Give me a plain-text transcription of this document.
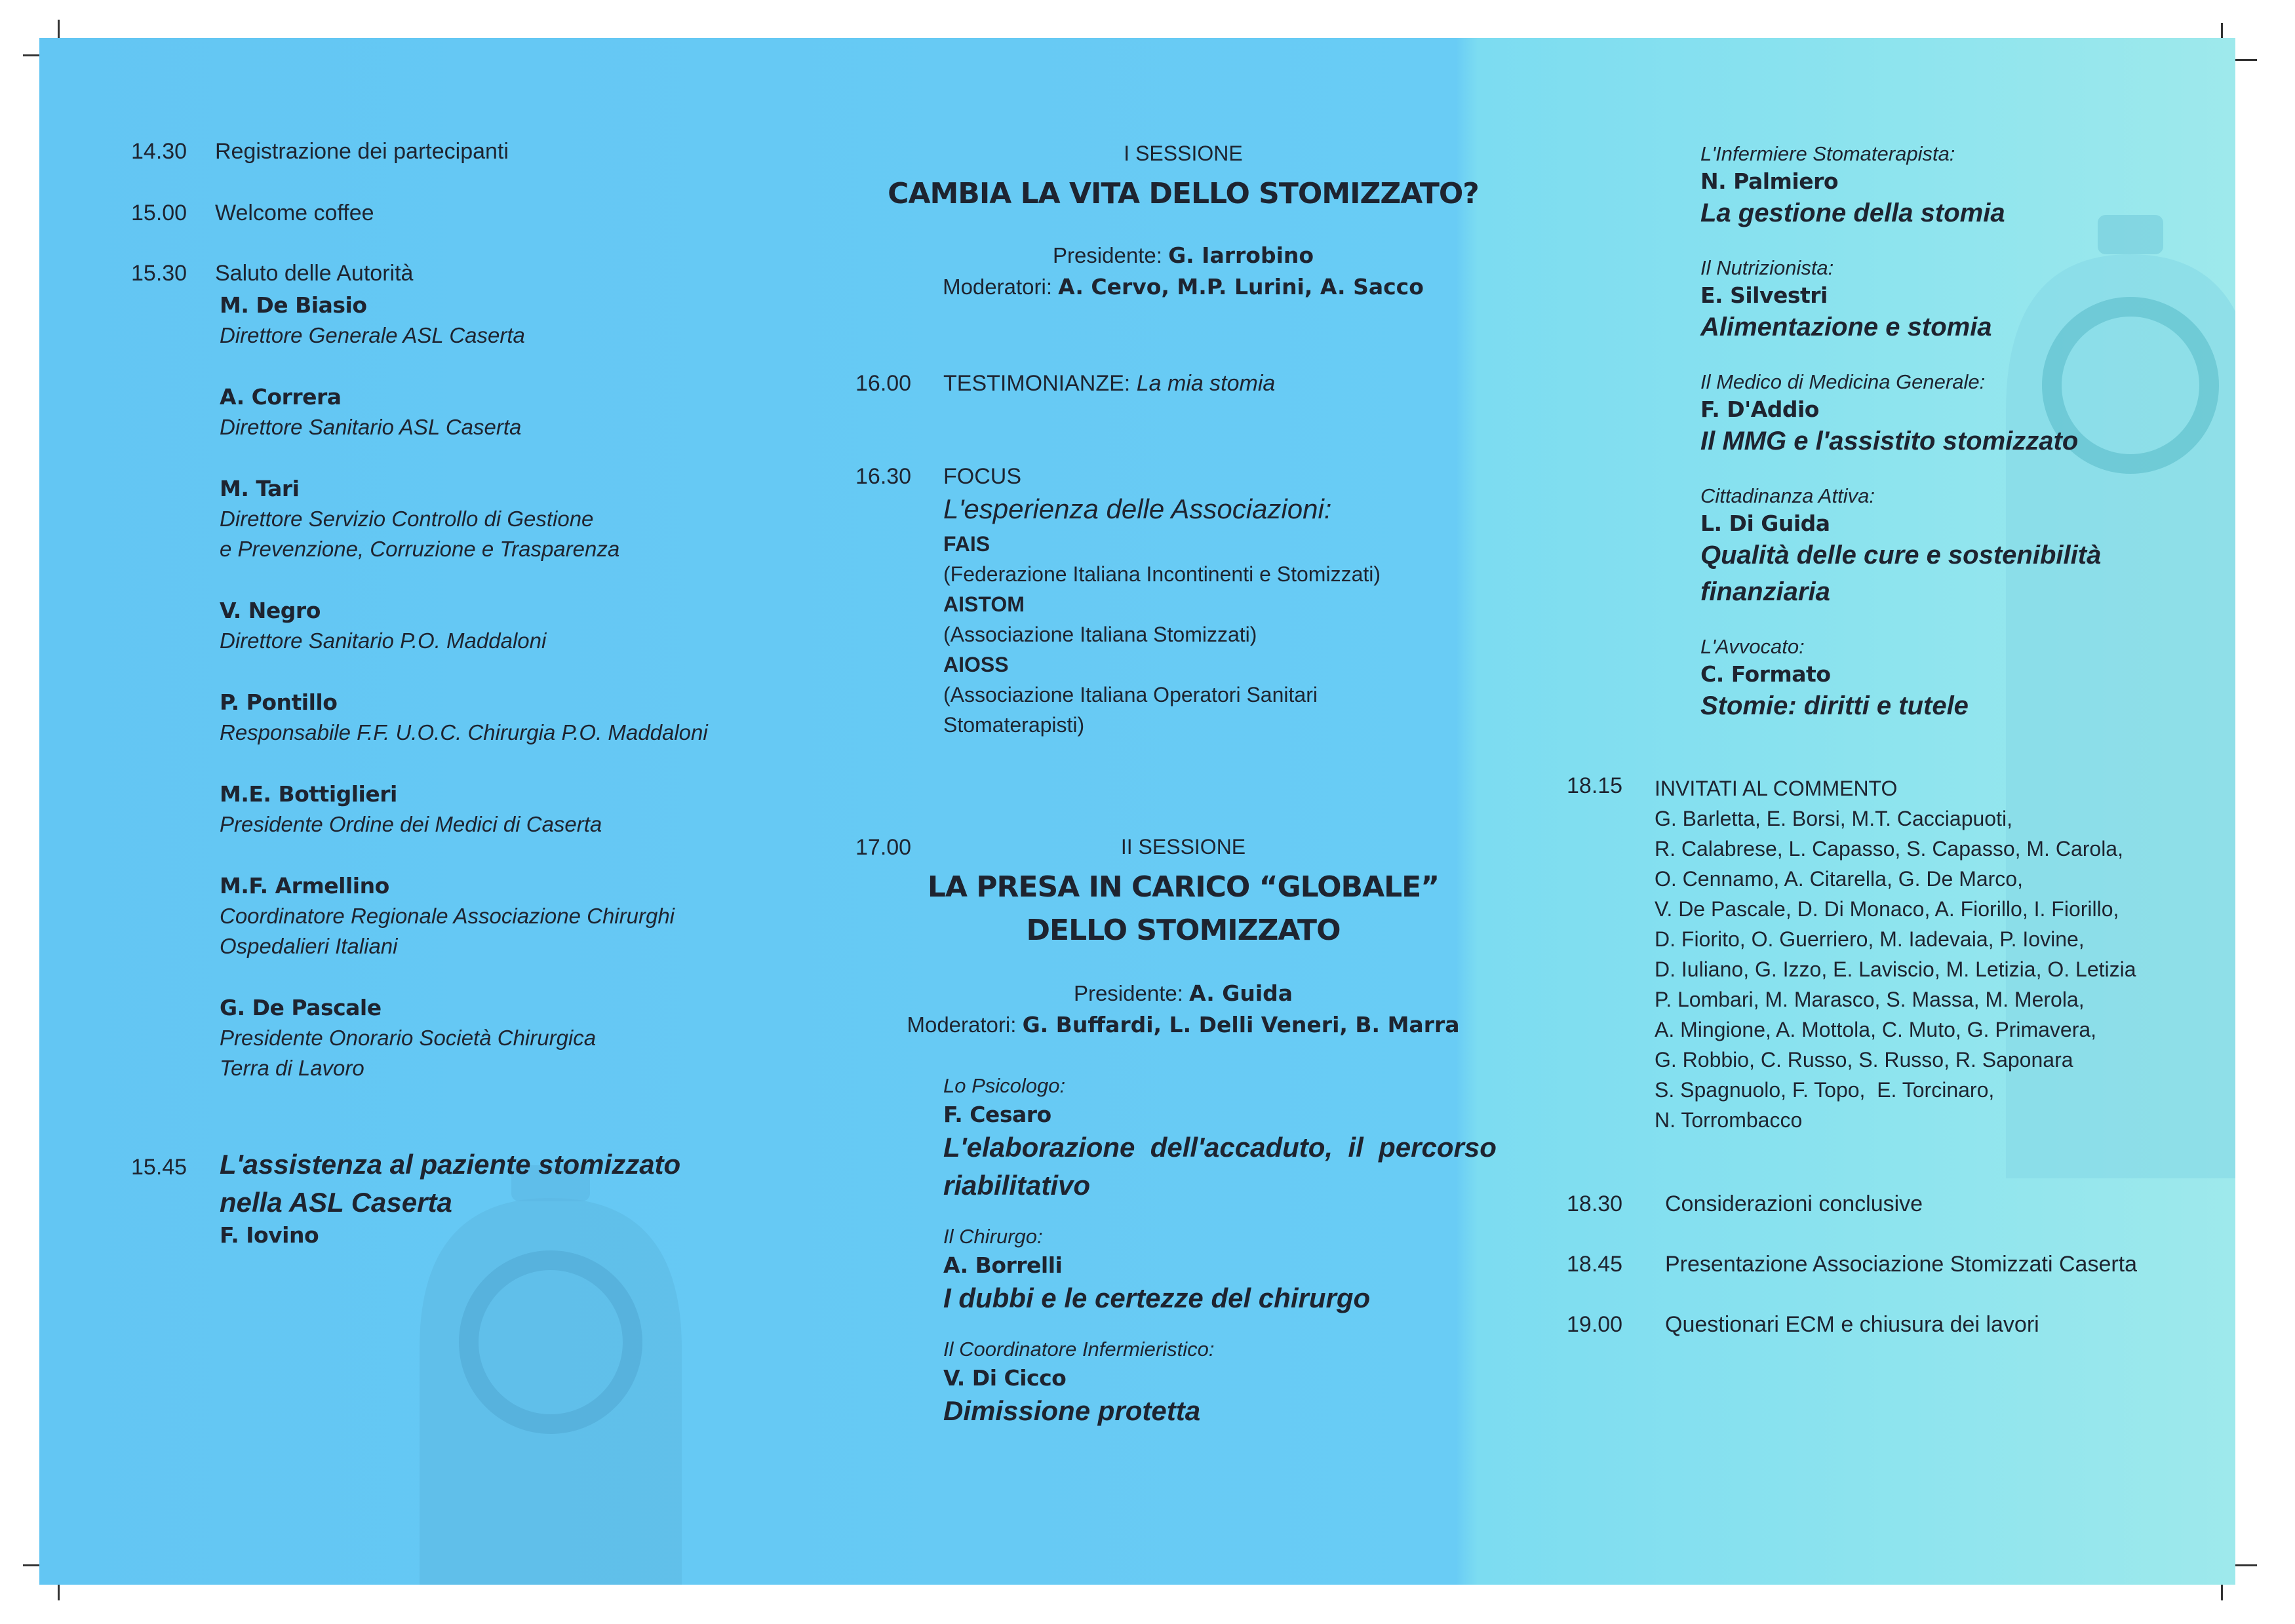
14.30 Registrazione dei partecipanti
15.00 Welcome coffee
15.30 Saluto delle Autorità
M. De Biasio
Direttore Generale ASL Caserta
A. Correra
Direttore Sanitario ASL Caserta
M. Tari
Direttore Servizio Controllo di Gestione
e Prevenzione, Corruzione e Trasparenza
V. Negro
Direttore Sanitario P.O. Maddaloni
P. Pontillo
Responsabile F.F. U.O.C. Chirurgia P.O. Maddaloni
M.E. Bottiglieri
Presidente Ordine dei Medici di Caserta
M.F. Armellino
Coordinatore Regionale Associazione Chirurghi
Ospedalieri Italiani
G. De Pascale
Presidente Onorario Società Chirurgica
Terra di Lavoro
15.45 L'assistenza al paziente stomizzato
nella ASL Caserta
F. Iovino
I SESSIONE
CAMBIA LA VITA DELLO STOMIZZATO?
Presidente: G. Iarrobino
Moderatori: A. Cervo, M.P. Lurini, A. Sacco
16.00 TESTIMONIANZE: La mia stomia
16.30 FOCUS
L'esperienza delle Associazioni:
FAIS
(Federazione Italiana Incontinenti e Stomizzati)
AISTOM
(Associazione Italiana Stomizzati)
AIOSS
(Associazione Italiana Operatori Sanitari
Stomaterapisti)
17.00	II SESSIONE
LA PRESA IN CARICO “GLOBALE”
DELLO STOMIZZATO
Presidente: A. Guida
Moderatori: G. Buffardi, L. Delli Veneri, B. Marra
Lo Psicologo:
F. Cesaro
L'elaborazione  dell'accaduto,  il  percorso
riabilitativo
Il Chirurgo:
A. Borrelli
I dubbi e le certezze del chirurgo
Il Coordinatore Infermieristico:
V. Di Cicco
Dimissione protetta
L'Infermiere Stomaterapista:
N. Palmiero
La gestione della stomia
Il Nutrizionista:
E. Silvestri
Alimentazione e stomia
Il Medico di Medicina Generale:
F. D'Addio
Il MMG e l'assistito stomizzato
Cittadinanza Attiva:
L. Di Guida
Qualità delle cure e sostenibilità finanziaria
L'Avvocato:
C. Formato
Stomie: diritti e tutele
18.15 INVITATI AL COMMENTO
G. Barletta, E. Borsi, M.T. Cacciapuoti,
R. Calabrese, L. Capasso, S. Capasso, M. Carola,
O. Cennamo, A. Citarella, G. De Marco,
V. De Pascale, D. Di Monaco, A. Fiorillo, I. Fiorillo,
D. Fiorito, O. Guerriero, M. Iadevaia, P. Iovine,
D. Iuliano, G. Izzo, E. Laviscio, M. Letizia, O. Letizia
P. Lombari, M. Marasco, S. Massa, M. Merola,
A. Mingione, A. Mottola, C. Muto, G. Primavera,
G. Robbio, C. Russo, S. Russo, R. Saponara
S. Spagnuolo, F. Topo,  E. Torcinaro,
N. Torrombacco
18.30 Considerazioni conclusive
18.45 Presentazione Associazione Stomizzati Caserta
19.00 Questionari ECM e chiusura dei lavori
